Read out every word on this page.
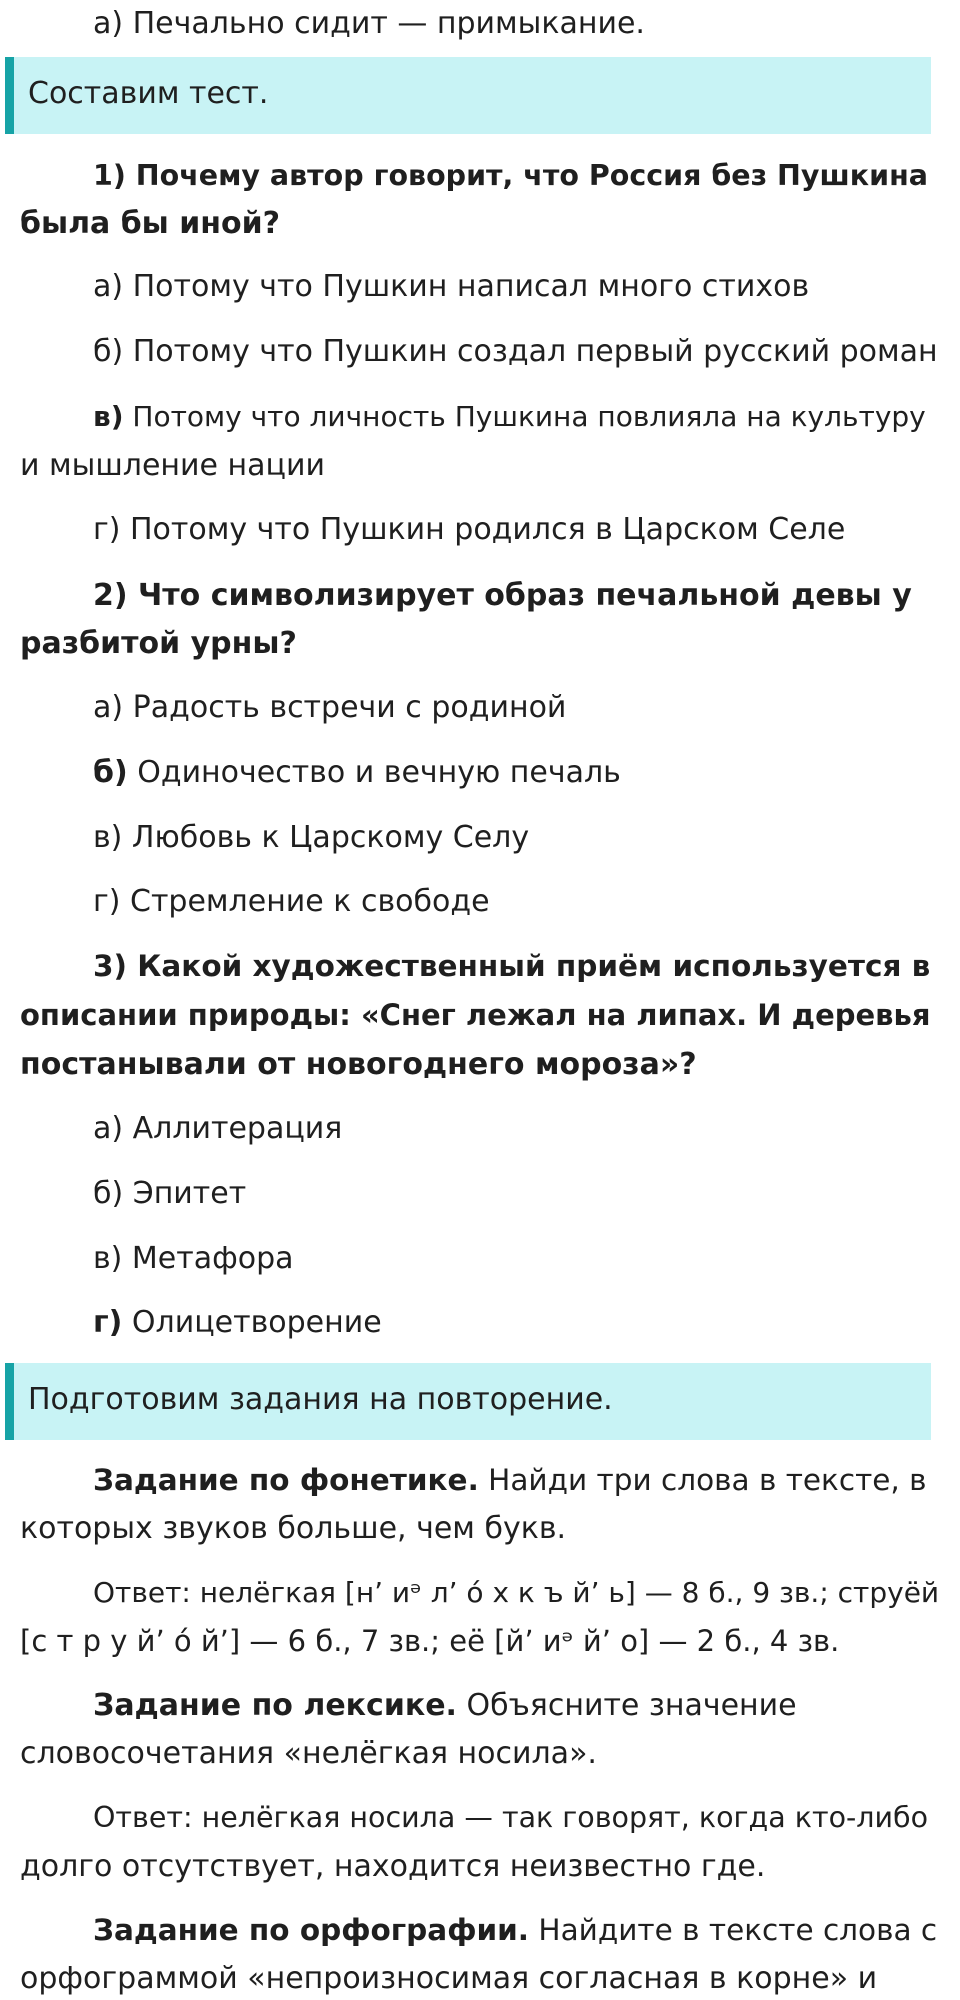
а) Печально сидит — примыкание.

Составим тест.

1) Почему автор говорит, что Россия без Пушкина

была бы иной?

а) Потому что Пушкин написал много стихов

б) Потому что Пушкин создал первый русский роман

в) Потому что личность Пушкина повлияла на культуру

и мышление нации

г) Потому что Пушкин родился в Царском Селе

2) Что символизирует образ печальной девы у

разбитой урны?

а) Радость встречи с родиной

б) Одиночество и вечную печаль

в) Любовь к Царскому Селу

г) Стремление к свободе

3) Какой художественный приём используется в

описании природы: «Снег лежал на липах. И деревья

постанывали от новогоднего мороза»?

а) Аллитерация

б) Эпитет

в) Метафора

г) Олицетворение

Подготовим задания на повторение.

Задание по фонетике. Найди три слова в тексте, в

которых звуков больше, чем букв.

Ответ: нелёгкая [н’ иᵊ л’ ó х к ъ й’ ь] — 8 б., 9 зв.; струёй

[с т р у й’ ó й’] — 6 б., 7 зв.; её [й’ иᵊ й’ о] — 2 б., 4 зв.

Задание по лексике. Объясните значение

словосочетания «нелёгкая носила».

Ответ: нелёгкая носила — так говорят, когда кто-либо

долго отсутствует, находится неизвестно где.

Задание по орфографии. Найдите в тексте слова с

орфограммой «непроизносимая согласная в корне» и
